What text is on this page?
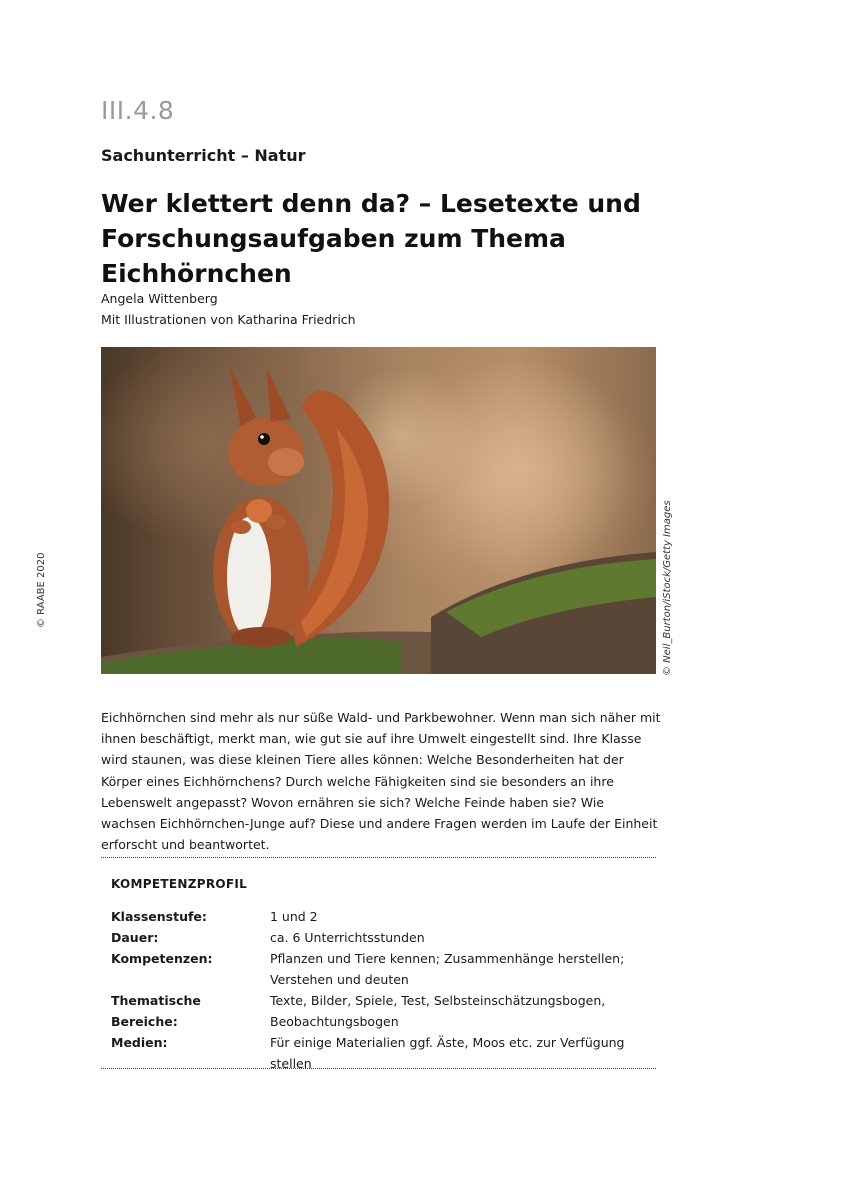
III.4.8
Sachunterricht – Natur
Wer klettert denn da? – Lesetexte und Forschungsaufgaben zum Thema Eichhörnchen
Angela Wittenberg
Mit Illustrationen von Katharina Friedrich
© Neil_Burton/iStock/Getty Images
© RAABE 2020
Eichhörnchen sind mehr als nur süße Wald- und Parkbewohner. Wenn man sich näher mit ihnen beschäftigt, merkt man, wie gut sie auf ihre Umwelt eingestellt sind. Ihre Klasse wird staunen, was diese kleinen Tiere alles können: Welche Besonderheiten hat der Körper eines Eichhörnchens? Durch welche Fähigkeiten sind sie besonders an ihre Lebenswelt angepasst? Wovon ernähren sie sich? Welche Feinde haben sie? Wie wachsen Eichhörnchen-Junge auf? Diese und andere Fragen werden im Laufe der Einheit erforscht und beantwortet.
KOMPETENZPROFIL
Klassenstufe:	1 und 2
Dauer:	ca. 6 Unterrichtsstunden
Kompetenzen:	Pflanzen und Tiere kennen; Zusammenhänge herstellen; Verstehen und deuten
Thematische Bereiche:	Texte, Bilder, Spiele, Test, Selbsteinschätzungsbogen, Beobachtungsbogen
Medien:	Für einige Materialien ggf. Äste, Moos etc. zur Verfügung stellen
